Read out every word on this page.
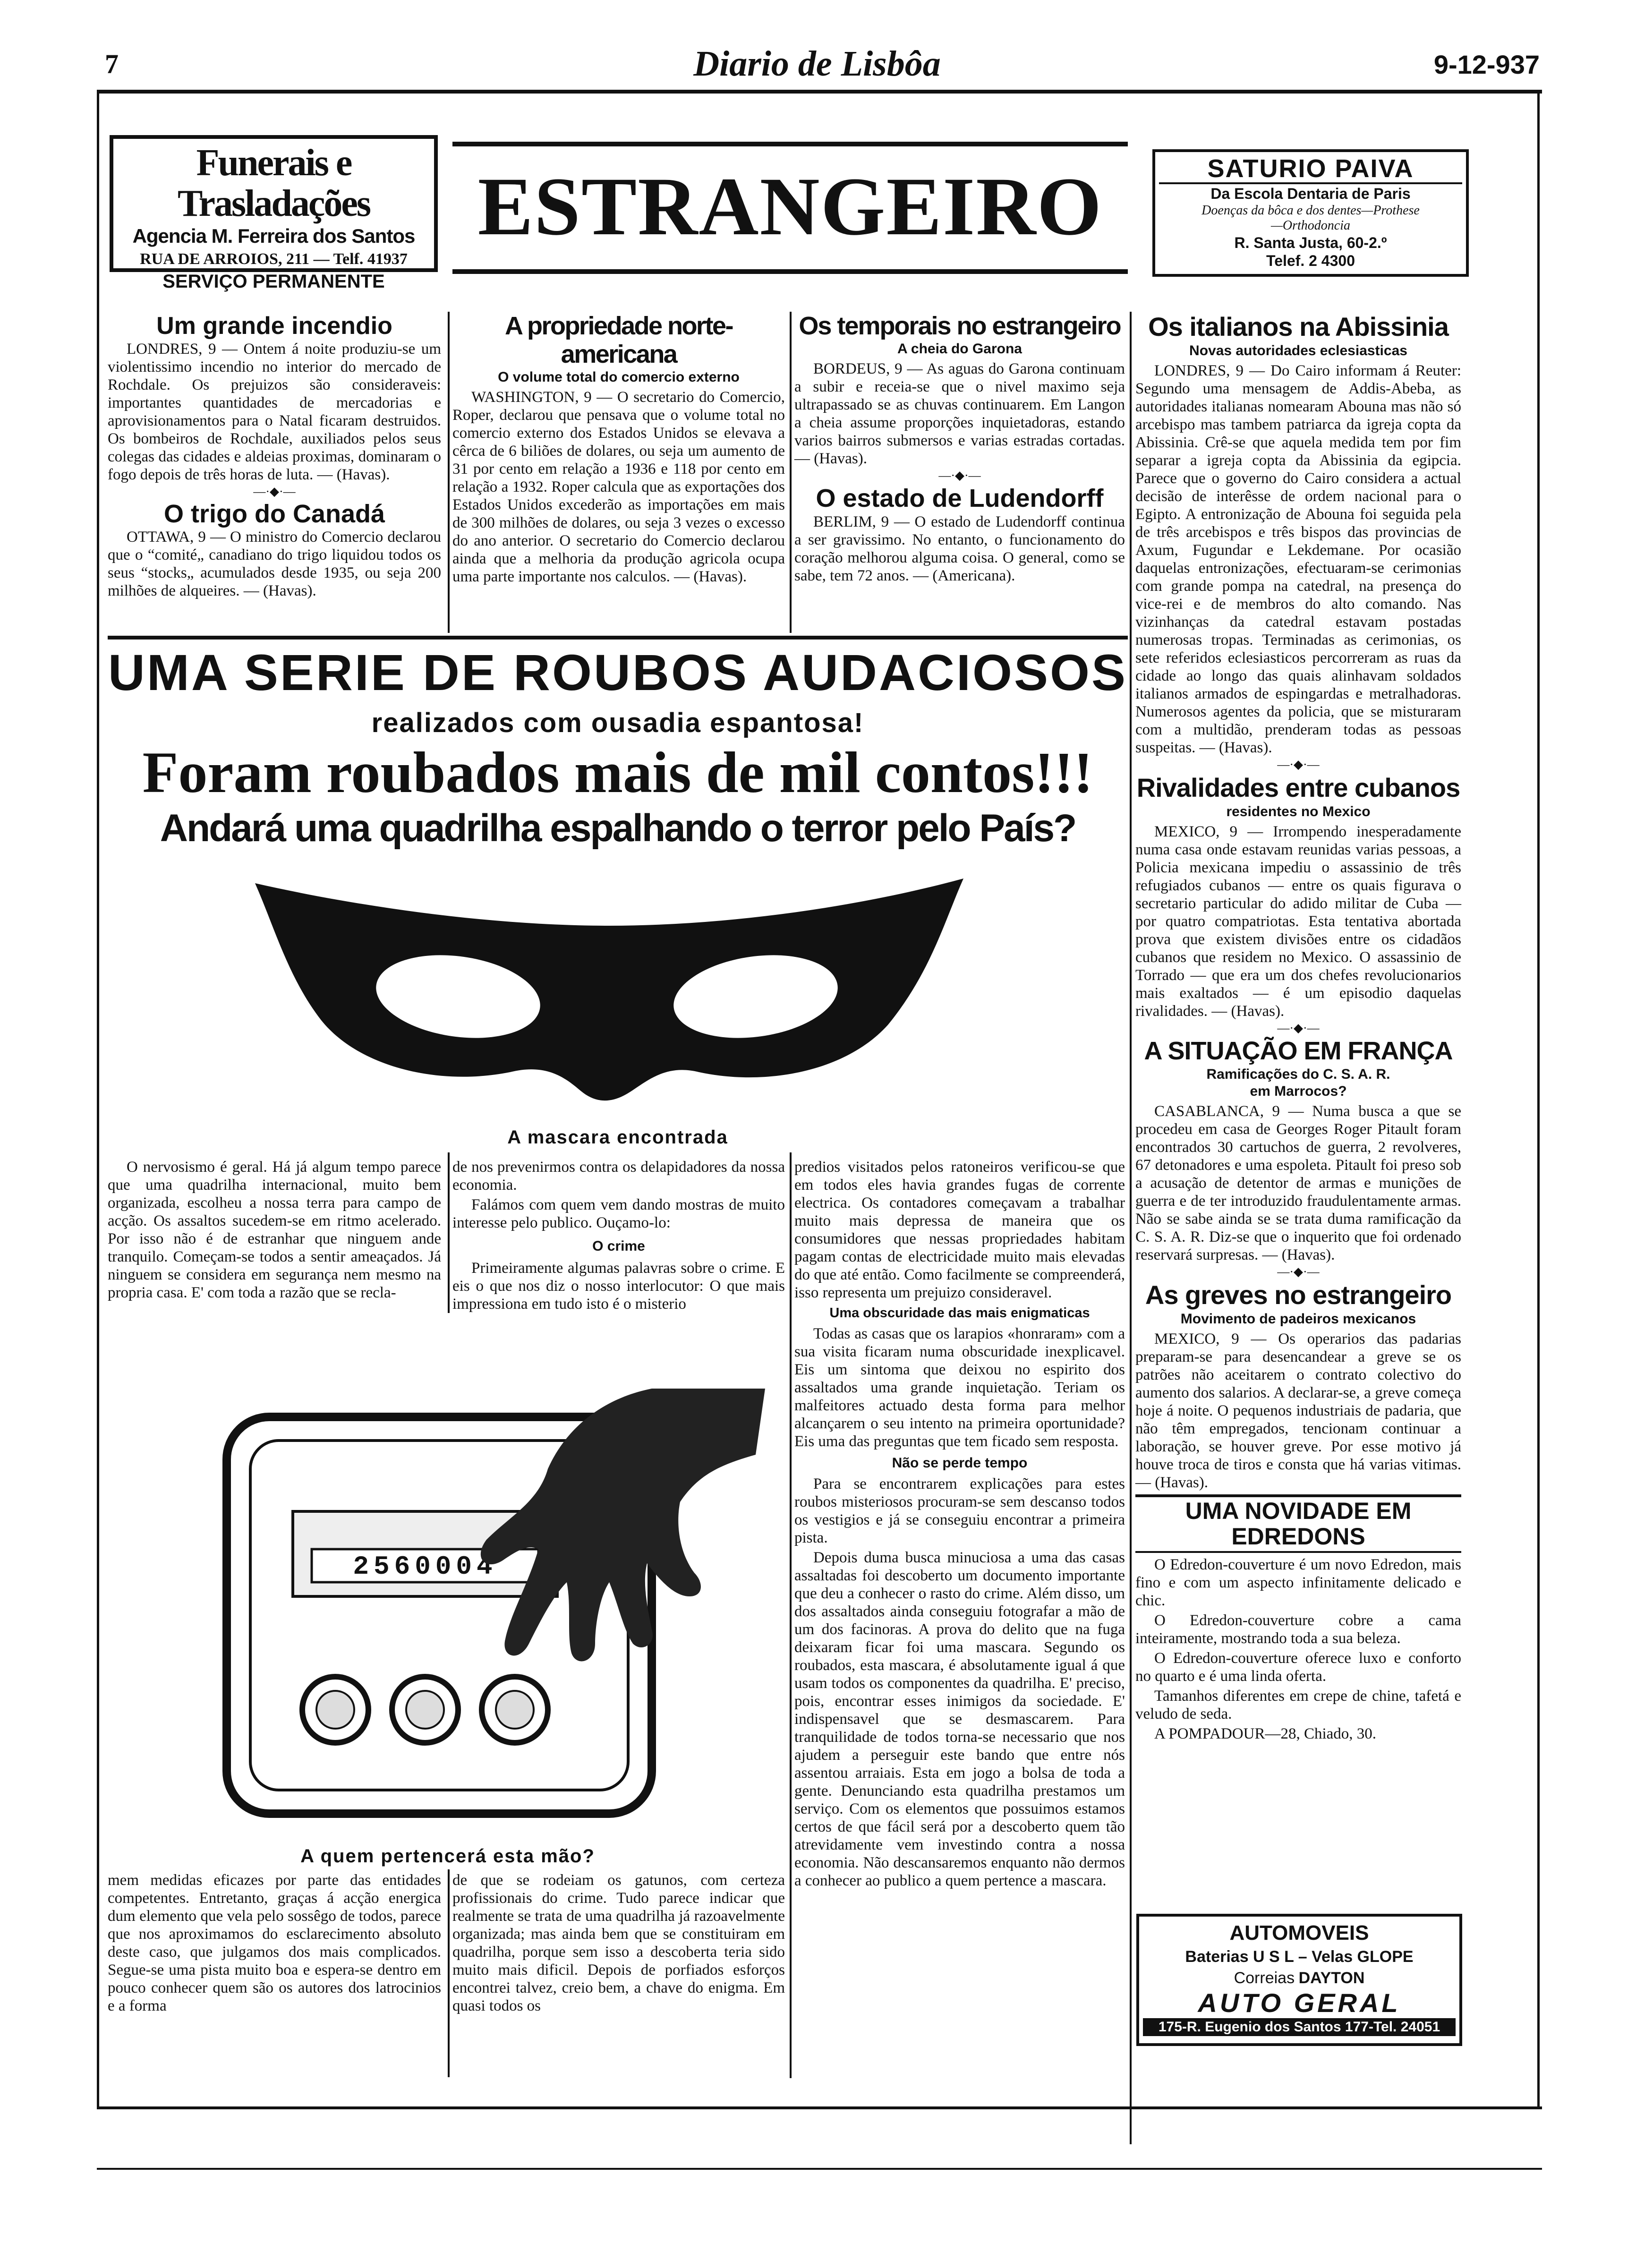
7	Diario de Lisbôa	9-12-937
Funerais e Trasladações
Agencia M. Ferreira dos Santos
RUA DE ARROIOS, 211 — Telf. 41937
SERVIÇO PERMANENTE
ESTRANGEIRO	SATURIO PAIVA
Da Escola Dentaria de Paris
Doenças da bôca e dos dentes—Prothese
—Orthodoncia
R. Santa Justa, 60-2.º
Telef. 2 4300
Um grande incendio
LONDRES, 9 — Ontem á noite produziu-se um violentissimo incendio no interior do mercado de Rochdale. Os prejuizos são consideraveis: importantes quantidades de mercadorias e aprovisionamentos para o Natal ficaram destruidos. Os bombeiros de Rochdale, auxiliados pelos seus colegas das cidades e aldeias proximas, dominaram o fogo depois de três horas de luta. — (Havas).
—·◆·—
O trigo do Canadá
OTTAWA, 9 — O ministro do Comercio declarou que o “comité„ canadiano do trigo liquidou todos os seus “stocks„ acumulados desde 1935, ou seja 200 milhões de alqueires. — (Havas).
A propriedade norte-americana
O volume total do comercio externo
WASHINGTON, 9 — O secretario do Comercio, Roper, declarou que pensava que o volume total no comercio externo dos Estados Unidos se elevava a cêrca de 6 biliões de dolares, ou seja um aumento de 31 por cento em relação a 1936 e 118 por cento em relação a 1932. Roper calcula que as exportações dos Estados Unidos excederão as importações em mais de 300 milhões de dolares, ou seja 3 vezes o excesso do ano anterior. O secretario do Comercio declarou ainda que a melhoria da produção agricola ocupa uma parte importante nos calculos. — (Havas).
Os temporais no estrangeiro
A cheia do Garona
BORDEUS, 9 — As aguas do Garona continuam a subir e receia-se que o nivel maximo seja ultrapassado se as chuvas continuarem. Em Langon a cheia assume proporções inquietadoras, estando varios bairros submersos e varias estradas cortadas. — (Havas).
—·◆·—
O estado de Ludendorff
BERLIM, 9 — O estado de Ludendorff continua a ser gravissimo. No entanto, o funcionamento do coração melhorou alguma coisa. O general, como se sabe, tem 72 anos. — (Americana).
Os italianos na Abissinia
Novas autoridades eclesiasticas
LONDRES, 9 — Do Cairo informam á Reuter: Segundo uma mensagem de Addis-Abeba, as autoridades italianas nomearam Abouna mas não só arcebispo mas tambem patriarca da igreja copta da Abissinia. Crê-se que aquela medida tem por fim separar a igreja copta da Abissinia da egipcia. Parece que o governo do Cairo considera a actual decisão de interêsse de ordem nacional para o Egipto. A entronização de Abouna foi seguida pela de três arcebispos e três bispos das provincias de Axum, Fugundar e Lekdemane. Por ocasião daquelas entronizações, efectuaram-se cerimonias com grande pompa na catedral, na presença do vice-rei e de membros do alto comando. Nas vizinhanças da catedral estavam postadas numerosas tropas. Terminadas as cerimonias, os sete referidos eclesiasticos percorreram as ruas da cidade ao longo das quais alinhavam soldados italianos armados de espingardas e metralhadoras. Numerosos agentes da policia, que se misturaram com a multidão, prenderam todas as pessoas suspeitas. — (Havas).
—·◆·—
Rivalidades entre cubanos
residentes no Mexico
MEXICO, 9 — Irrompendo inesperadamente numa casa onde estavam reunidas varias pessoas, a Policia mexicana impediu o assassinio de três refugiados cubanos — entre os quais figurava o secretario particular do adido militar de Cuba — por quatro compatriotas. Esta tentativa abortada prova que existem divisões entre os cidadãos cubanos que residem no Mexico. O assassinio de Torrado — que era um dos chefes revolucionarios mais exaltados — é um episodio daquelas rivalidades. — (Havas).
—·◆·—
A SITUAÇÃO EM FRANÇA
Ramificações do C. S. A. R.
em Marrocos?
CASABLANCA, 9 — Numa busca a que se procedeu em casa de Georges Roger Pitault foram encontrados 30 cartuchos de guerra, 2 revolveres, 67 detonadores e uma espoleta. Pitault foi preso sob a acusação de detentor de armas e munições de guerra e de ter introduzido fraudulentamente armas. Não se sabe ainda se se trata duma ramificação da C. S. A. R. Diz-se que o inquerito que foi ordenado reservará surpresas. — (Havas).
—·◆·—
As greves no estrangeiro
Movimento de padeiros mexicanos
MEXICO, 9 — Os operarios das padarias preparam-se para desencandear a greve se os patrões não aceitarem o contrato colectivo do aumento dos salarios. A declarar-se, a greve começa hoje á noite. O pequenos industriais de padaria, que não têm empregados, tencionam continuar a laboração, se houver greve. Por esse motivo já houve troca de tiros e consta que há varias vitimas. — (Havas).
UMA NOVIDADE EM
EDREDONS

O Edredon-couverture é um novo Edredon, mais fino e com um aspecto infinitamente delicado e chic.

O Edredon-couverture cobre a cama inteiramente, mostrando toda a sua beleza.

O Edredon-couverture oferece luxo e conforto no quarto e é uma linda oferta.

Tamanhos diferentes em crepe de chine, tafetá e veludo de seda.

A POMPADOUR—28, Chiado, 30.

AUTOMOVEIS
Baterias U S L – Velas GLOPE
Correias DAYTON
AUTO GERAL
175-R. Eugenio dos Santos 177-Tel. 24051
UMA SERIE DE ROUBOS AUDACIOSOS
realizados com ousadia espantosa!
Foram roubados mais de mil contos!!!
Andará uma quadrilha espalhando o terror pelo País?
A mascara encontrada
O nervosismo é geral. Há já algum tempo parece que uma quadrilha internacional, muito bem organizada, escolheu a nossa terra para campo de acção. Os assaltos sucedem-se em ritmo acelerado. Por isso não é de estranhar que ninguem ande tranquilo. Começam-se todos a sentir ameaçados. Já ninguem se considera em segurança nem mesmo na propria casa. E' com toda a razão que se recla-

de nos prevenirmos contra os delapidadores da nossa economia.

Falámos com quem vem dando mostras de muito interesse pelo publico. Ouçamo-lo:

O crime
Primeiramente algumas palavras sobre o crime. E eis o que nos diz o nosso interlocutor: O que mais impressiona em tudo isto é o misterio
predios visitados pelos ratoneiros verificou-se que em todos eles havia grandes fugas de corrente electrica. Os contadores começavam a trabalhar muito mais depressa de maneira que os consumidores que nessas propriedades habitam pagam contas de electricidade muito mais elevadas do que até então. Como facilmente se compreenderá, isso representa um prejuizo consideravel.
Uma obscuridade das mais enigmaticas
Todas as casas que os larapios «honraram» com a sua visita ficaram numa obscuridade inexplicavel. Eis um sintoma que deixou no espirito dos assaltados uma grande inquietação. Teriam os malfeitores actuado desta forma para melhor alcançarem o seu intento na primeira oportunidade? Eis uma das preguntas que tem ficado sem resposta.
Não se perde tempo

Para se encontrarem explicações para estes roubos misteriosos procuram-se sem descanso todos os vestigios e já se conseguiu encontrar a primeira pista.

Depois duma busca minuciosa a uma das casas assaltadas foi descoberto um documento importante que deu a conhecer o rasto do crime. Além disso, um dos assaltados ainda conseguiu fotografar a mão de um dos facinoras. A prova do delito que na fuga deixaram ficar foi uma mascara. Segundo os roubados, esta mascara, é absolutamente igual á que usam todos os componentes da quadrilha. E' preciso, pois, encontrar esses inimigos da sociedade. E' indispensavel que se desmascarem. Para tranquilidade de todos torna-se necessario que nos ajudem a perseguir este bando que entre nós assentou arraiais. Esta em jogo a bolsa de toda a gente. Denunciando esta quadrilha prestamos um serviço. Com os elementos que possuimos estamos certos de que fácil será por a descoberto quem tão atrevidamente vem investindo contra a nossa economia. Não descansaremos enquanto não dermos a conhecer ao publico a quem pertence a mascara.

2560004
A quem pertencerá esta mão?
mem medidas eficazes por parte das entidades competentes. Entretanto, graças á acção energica dum elemento que vela pelo sossêgo de todos, parece que nos aproximamos do esclarecimento absoluto deste caso, que julgamos dos mais complicados. Segue-se uma pista muito boa e espera-se dentro em pouco conhecer quem são os autores dos latrocinios e a forma
de que se rodeiam os gatunos, com certeza profissionais do crime. Tudo parece indicar que realmente se trata de uma quadrilha já razoavelmente organizada; mas ainda bem que se constituiram em quadrilha, porque sem isso a descoberta teria sido muito mais dificil. Depois de porfiados esforços encontrei talvez, creio bem, a chave do enigma. Em quasi todos os
